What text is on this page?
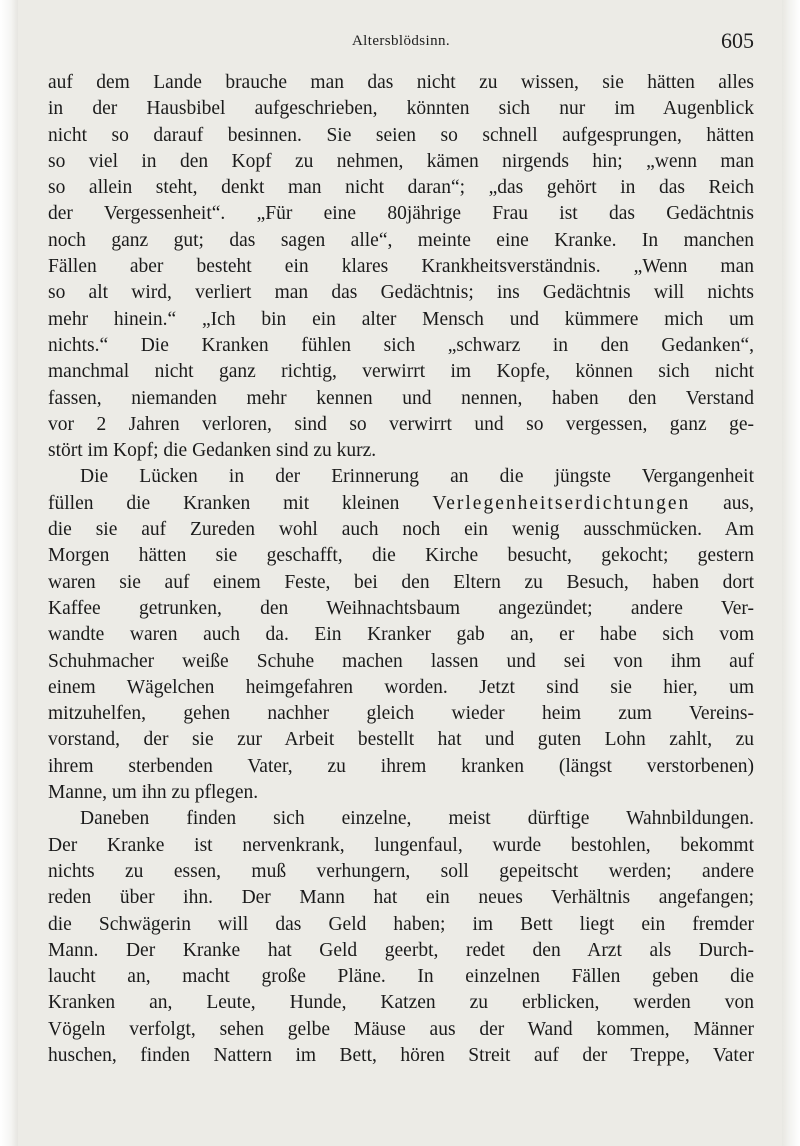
Altersblödsinn.	605
auf dem Lande brauche man das nicht zu wissen, sie hätten alles
in der Hausbibel aufgeschrieben, könnten sich nur im Augenblick
nicht so darauf besinnen. Sie seien so schnell aufgesprungen, hätten
so viel in den Kopf zu nehmen, kämen nirgends hin; „wenn man
so allein steht, denkt man nicht daran“; „das gehört in das Reich
der Vergessenheit“. „Für eine 80jährige Frau ist das Gedächtnis
noch ganz gut; das sagen alle“, meinte eine Kranke. In manchen
Fällen aber besteht ein klares Krankheitsverständnis. „Wenn man
so alt wird, verliert man das Gedächtnis; ins Gedächtnis will nichts
mehr hinein.“ „Ich bin ein alter Mensch und kümmere mich um
nichts.“ Die Kranken fühlen sich „schwarz in den Gedanken“,
manchmal nicht ganz richtig, verwirrt im Kopfe, können sich nicht
fassen, niemanden mehr kennen und nennen, haben den Verstand
vor 2 Jahren verloren, sind so verwirrt und so vergessen, ganz ge-
stört im Kopf; die Gedanken sind zu kurz.
Die Lücken in der Erinnerung an die jüngste Vergangenheit
füllen die Kranken mit kleinen Verlegenheitserdichtungen aus,
die sie auf Zureden wohl auch noch ein wenig ausschmücken. Am
Morgen hätten sie geschafft, die Kirche besucht, gekocht; gestern
waren sie auf einem Feste, bei den Eltern zu Besuch, haben dort
Kaffee getrunken, den Weihnachtsbaum angezündet; andere Ver-
wandte waren auch da. Ein Kranker gab an, er habe sich vom
Schuhmacher weiße Schuhe machen lassen und sei von ihm auf
einem Wägelchen heimgefahren worden. Jetzt sind sie hier, um
mitzuhelfen, gehen nachher gleich wieder heim zum Vereins-
vorstand, der sie zur Arbeit bestellt hat und guten Lohn zahlt, zu
ihrem sterbenden Vater, zu ihrem kranken (längst verstorbenen)
Manne, um ihn zu pflegen.
Daneben finden sich einzelne, meist dürftige Wahnbildungen.
Der Kranke ist nervenkrank, lungenfaul, wurde bestohlen, bekommt
nichts zu essen, muß verhungern, soll gepeitscht werden; andere
reden über ihn. Der Mann hat ein neues Verhältnis angefangen;
die Schwägerin will das Geld haben; im Bett liegt ein fremder
Mann. Der Kranke hat Geld geerbt, redet den Arzt als Durch-
laucht an, macht große Pläne. In einzelnen Fällen geben die
Kranken an, Leute, Hunde, Katzen zu erblicken, werden von
Vögeln verfolgt, sehen gelbe Mäuse aus der Wand kommen, Männer
huschen, finden Nattern im Bett, hören Streit auf der Treppe, Vater
